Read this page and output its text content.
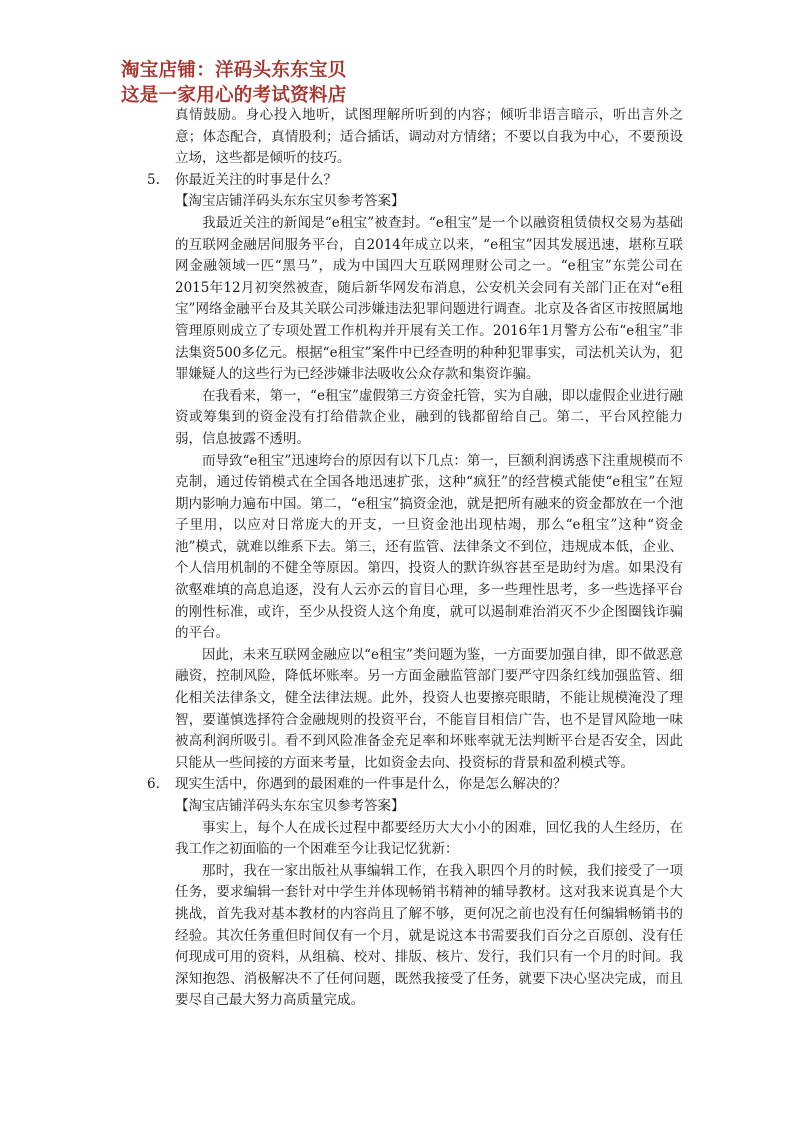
淘宝店铺：洋码头东东宝贝
这是一家用心的考试资料店

真情鼓励。身心投入地听，试图理解所听到的内容；倾听非语言暗示，听出言外之意；体态配合，真情股利；适合插话，调动对方情绪；不要以自我为中心，不要预设立场，这些都是倾听的技巧。

5. 你最近关注的时事是什么？

【淘宝店铺洋码头东东宝贝参考答案】

我最近关注的新闻是“e租宝”被查封。“e租宝”是一个以融资租赁债权交易为基础的互联网金融居间服务平台，自2014年成立以来，“e租宝”因其发展迅速，堪称互联网金融领域一匹“黑马”，成为中国四大互联网理财公司之一。“e租宝”东莞公司在2015年12月初突然被查，随后新华网发布消息，公安机关会同有关部门正在对“e租宝”网络金融平台及其关联公司涉嫌违法犯罪问题进行调查。北京及各省区市按照属地管理原则成立了专项处置工作机构并开展有关工作。2016年1月警方公布“e租宝”非法集资500多亿元。根据“e租宝”案件中已经查明的种种犯罪事实，司法机关认为，犯罪嫌疑人的这些行为已经涉嫌非法吸收公众存款和集资诈骗。

在我看来，第一，“e租宝”虚假第三方资金托管，实为自融，即以虚假企业进行融资或筹集到的资金没有打给借款企业，融到的钱都留给自己。第二，平台风控能力弱，信息披露不透明。

而导致“e租宝”迅速垮台的原因有以下几点：第一，巨额利润诱惑下注重规模而不克制，通过传销模式在全国各地迅速扩张，这种“疯狂”的经营模式能使“e租宝”在短期内影响力遍布中国。第二，“e租宝”搞资金池，就是把所有融来的资金都放在一个池子里用，以应对日常庞大的开支，一旦资金池出现枯竭，那么“e租宝”这种“资金池”模式，就难以维系下去。第三，还有监管、法律条文不到位，违规成本低，企业、个人信用机制的不健全等原因。第四，投资人的默许纵容甚至是助纣为虐。如果没有欲壑难填的高息追逐，没有人云亦云的盲目心理，多一些理性思考，多一些选择平台的刚性标准，或许，至少从投资人这个角度，就可以遏制难治消灭不少企图圈钱诈骗的平台。

因此，未来互联网金融应以“e租宝”类问题为鉴，一方面要加强自律，即不做恶意融资，控制风险，降低坏账率。另一方面金融监管部门要严守四条红线加强监管、细化相关法律条文，健全法律法规。此外，投资人也要擦亮眼睛，不能让规模淹没了理智，要谨慎选择符合金融规则的投资平台，不能盲目相信广告，也不是冒风险地一味被高利润所吸引。看不到风险准备金充足率和坏账率就无法判断平台是否安全，因此只能从一些间接的方面来考量，比如资金去向、投资标的背景和盈利模式等。

6. 现实生活中，你遇到的最困难的一件事是什么，你是怎么解决的？

【淘宝店铺洋码头东东宝贝参考答案】

事实上，每个人在成长过程中都要经历大大小小的困难，回忆我的人生经历，在我工作之初面临的一个困难至今让我记忆犹新：

那时，我在一家出版社从事编辑工作，在我入职四个月的时候，我们接受了一项任务，要求编辑一套针对中学生并体现畅销书精神的辅导教材。这对我来说真是个大挑战，首先我对基本教材的内容尚且了解不够，更何况之前也没有任何编辑畅销书的经验。其次任务重但时间仅有一个月，就是说这本书需要我们百分之百原创、没有任何现成可用的资料，从组稿、校对、排版、核片、发行，我们只有一个月的时间。我深知抱怨、消极解决不了任何问题，既然我接受了任务，就要下决心坚决完成，而且要尽自己最大努力高质量完成。
